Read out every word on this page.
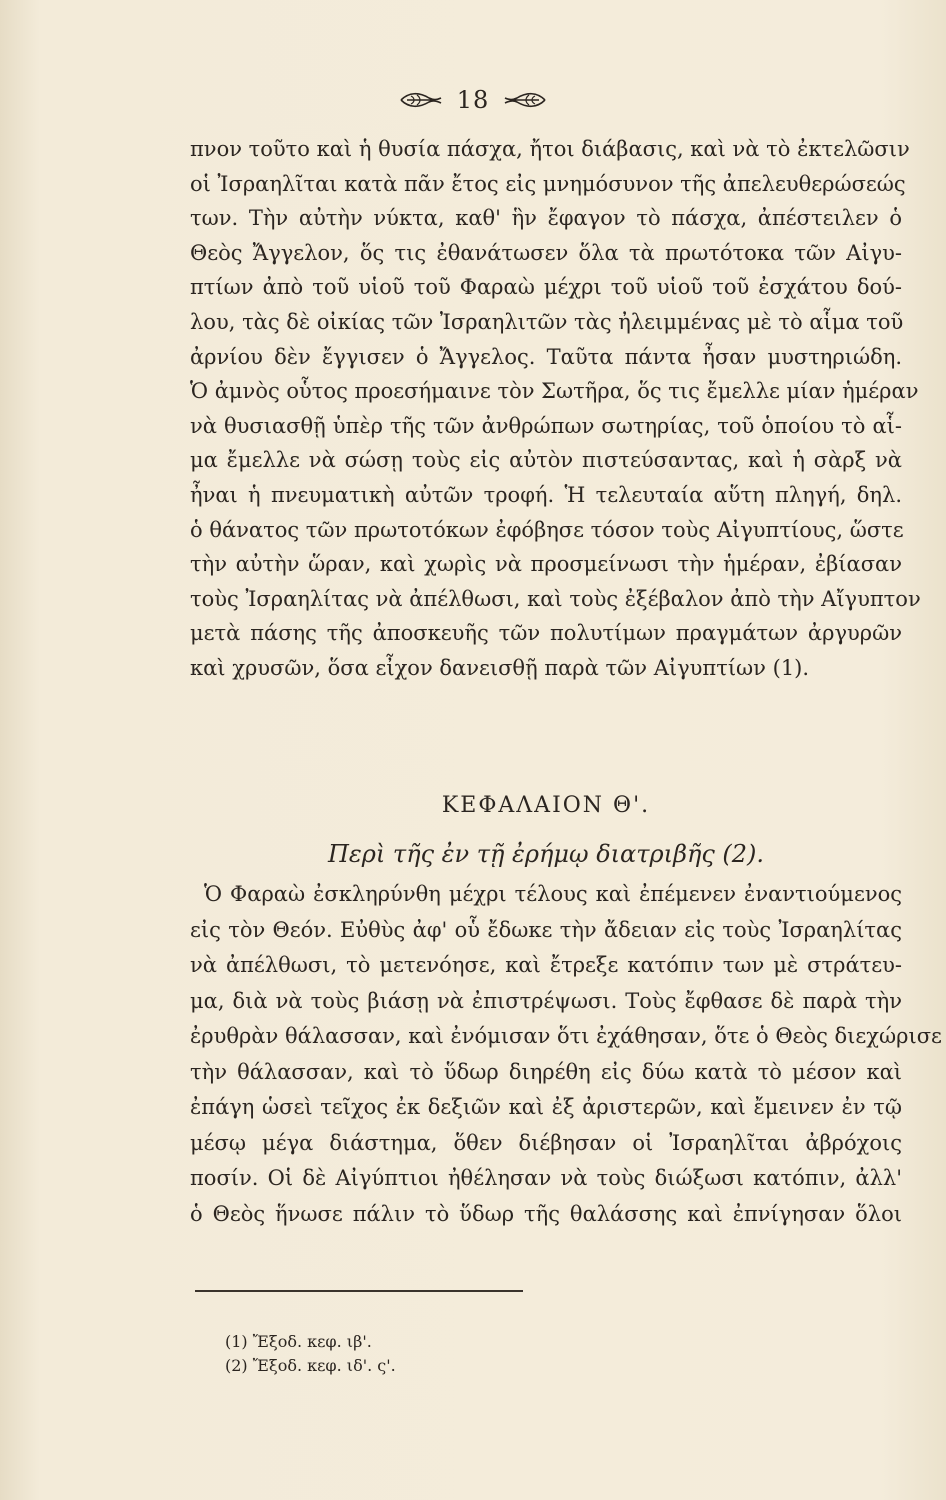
18
πνον τοῦτο καὶ ἡ θυσία πάσχα, ἤτοι διάβασις, καὶ νὰ τὸ ἐκτελῶσιν
οἱ Ἰσραηλῖται κατὰ πᾶν ἔτος εἰς μνημόσυνον τῆς ἀπελευθερώσεώς
των. Τὴν αὐτὴν νύκτα, καθ' ἣν ἔφαγον τὸ πάσχα, ἀπέστειλεν ὁ
Θεὸς Ἄγγελον, ὅς τις ἐθανάτωσεν ὅλα τὰ πρωτότοκα τῶν Αἰγυ-
πτίων ἀπὸ τοῦ υἱοῦ τοῦ Φαραὼ μέχρι τοῦ υἱοῦ τοῦ ἐσχάτου δού-
λου, τὰς δὲ οἰκίας τῶν Ἰσραηλιτῶν τὰς ἠλειμμένας μὲ τὸ αἷμα τοῦ
ἀρνίου δὲν ἔγγισεν ὁ Ἄγγελος. Ταῦτα πάντα ἦσαν μυστηριώδη.
Ὁ ἀμνὸς οὗτος προεσήμαινε τὸν Σωτῆρα, ὅς τις ἔμελλε μίαν ἡμέραν
νὰ θυσιασθῇ ὑπὲρ τῆς τῶν ἀνθρώπων σωτηρίας, τοῦ ὁποίου τὸ αἷ-
μα ἔμελλε νὰ σώσῃ τοὺς εἰς αὐτὸν πιστεύσαντας, καὶ ἡ σὰρξ νὰ
ἦναι ἡ πνευματικὴ αὐτῶν τροφή. Ἡ τελευταία αὕτη πληγή, δηλ.
ὁ θάνατος τῶν πρωτοτόκων ἐφόβησε τόσον τοὺς Αἰγυπτίους, ὥστε
τὴν αὐτὴν ὥραν, καὶ χωρὶς νὰ προσμείνωσι τὴν ἡμέραν, ἐβίασαν
τοὺς Ἰσραηλίτας νὰ ἀπέλθωσι, καὶ τοὺς ἐξέβαλον ἀπὸ τὴν Αἴγυπτον
μετὰ πάσης τῆς ἀποσκευῆς τῶν πολυτίμων πραγμάτων ἀργυρῶν
καὶ χρυσῶν, ὅσα εἶχον δανεισθῇ παρὰ τῶν Αἰγυπτίων (1).
ΚΕΦΑΛΑΙΟΝ Θ'.
Περὶ τῆς ἐν τῇ ἐρήμῳ διατριβῆς (2).
Ὁ Φαραὼ ἐσκληρύνθη μέχρι τέλους καὶ ἐπέμενεν ἐναντιούμενος
εἰς τὸν Θεόν. Εὐθὺς ἀφ' οὗ ἔδωκε τὴν ἄδειαν εἰς τοὺς Ἰσραηλίτας
νὰ ἀπέλθωσι, τὸ μετενόησε, καὶ ἔτρεξε κατόπιν των μὲ στράτευ-
μα, διὰ νὰ τοὺς βιάσῃ νὰ ἐπιστρέψωσι. Τοὺς ἔφθασε δὲ παρὰ τὴν
ἐρυθρὰν θάλασσαν, καὶ ἐνόμισαν ὅτι ἐχάθησαν, ὅτε ὁ Θεὸς διεχώρισε
τὴν θάλασσαν, καὶ τὸ ὕδωρ διηρέθη εἰς δύω κατὰ τὸ μέσον καὶ
ἐπάγη ὡσεὶ τεῖχος ἐκ δεξιῶν καὶ ἐξ ἀριστερῶν, καὶ ἔμεινεν ἐν τῷ
μέσῳ μέγα διάστημα, ὅθεν διέβησαν οἱ Ἰσραηλῖται ἀβρόχοις
ποσίν. Οἱ δὲ Αἰγύπτιοι ἠθέλησαν νὰ τοὺς διώξωσι κατόπιν, ἀλλ'
ὁ Θεὸς ἥνωσε πάλιν τὸ ὕδωρ τῆς θαλάσσης καὶ ἐπνίγησαν ὅλοι
(1) Ἔξοδ. κεφ. ιβ'.
(2) Ἔξοδ. κεφ. ιδ'. ς'.
